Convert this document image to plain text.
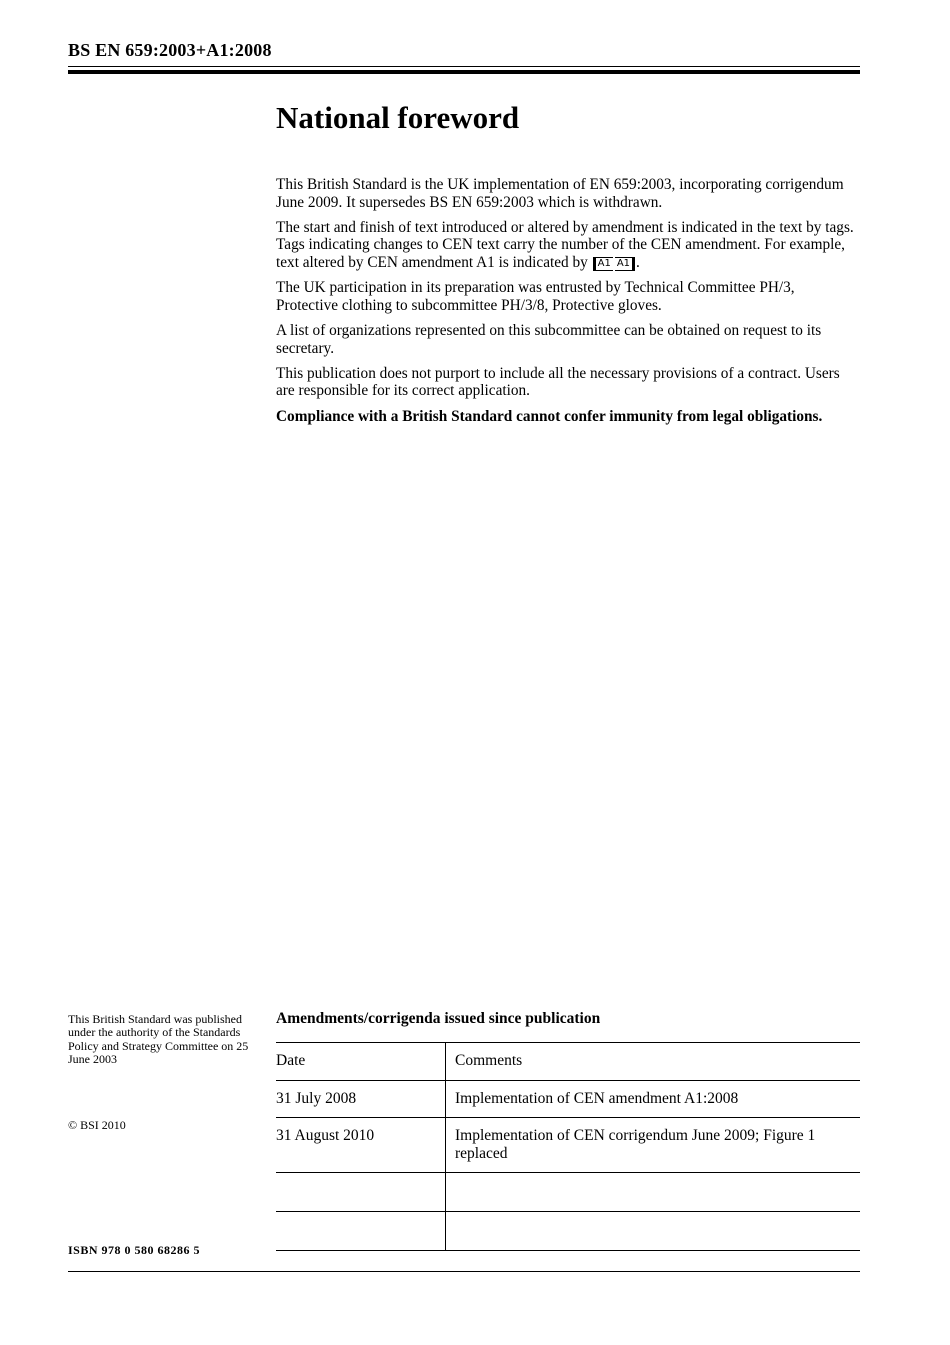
BS EN 659:2003+A1:2008
National foreword

This British Standard is the UK implementation of EN 659:2003, incorporating corrigendum June 2009. It supersedes BS EN 659:2003 which is withdrawn.

The start and finish of text introduced or altered by amendment is indicated in the text by tags. Tags indicating changes to CEN text carry the number of the CEN amendment. For example, text altered by CEN amendment A1 is indicated by A1 A1 .

The UK participation in its preparation was entrusted by Technical Committee PH/3, Protective clothing to subcommittee PH/3/8, Protective gloves.

A list of organizations represented on this subcommittee can be obtained on request to its secretary.

This publication does not purport to include all the necessary provisions of a contract. Users are responsible for its correct application.

Compliance with a British Standard cannot confer immunity from legal obligations.

This British Standard was published under the authority of the Standards Policy and Strategy Committee on 25 June 2003
© BSI 2010
ISBN 978 0 580 68286 5
Amendments/corrigenda issued since publication
Date	Comments
31 July 2008	Implementation of CEN amendment A1:2008
31 August 2010	Implementation of CEN corrigendum June 2009; Figure 1 replaced
